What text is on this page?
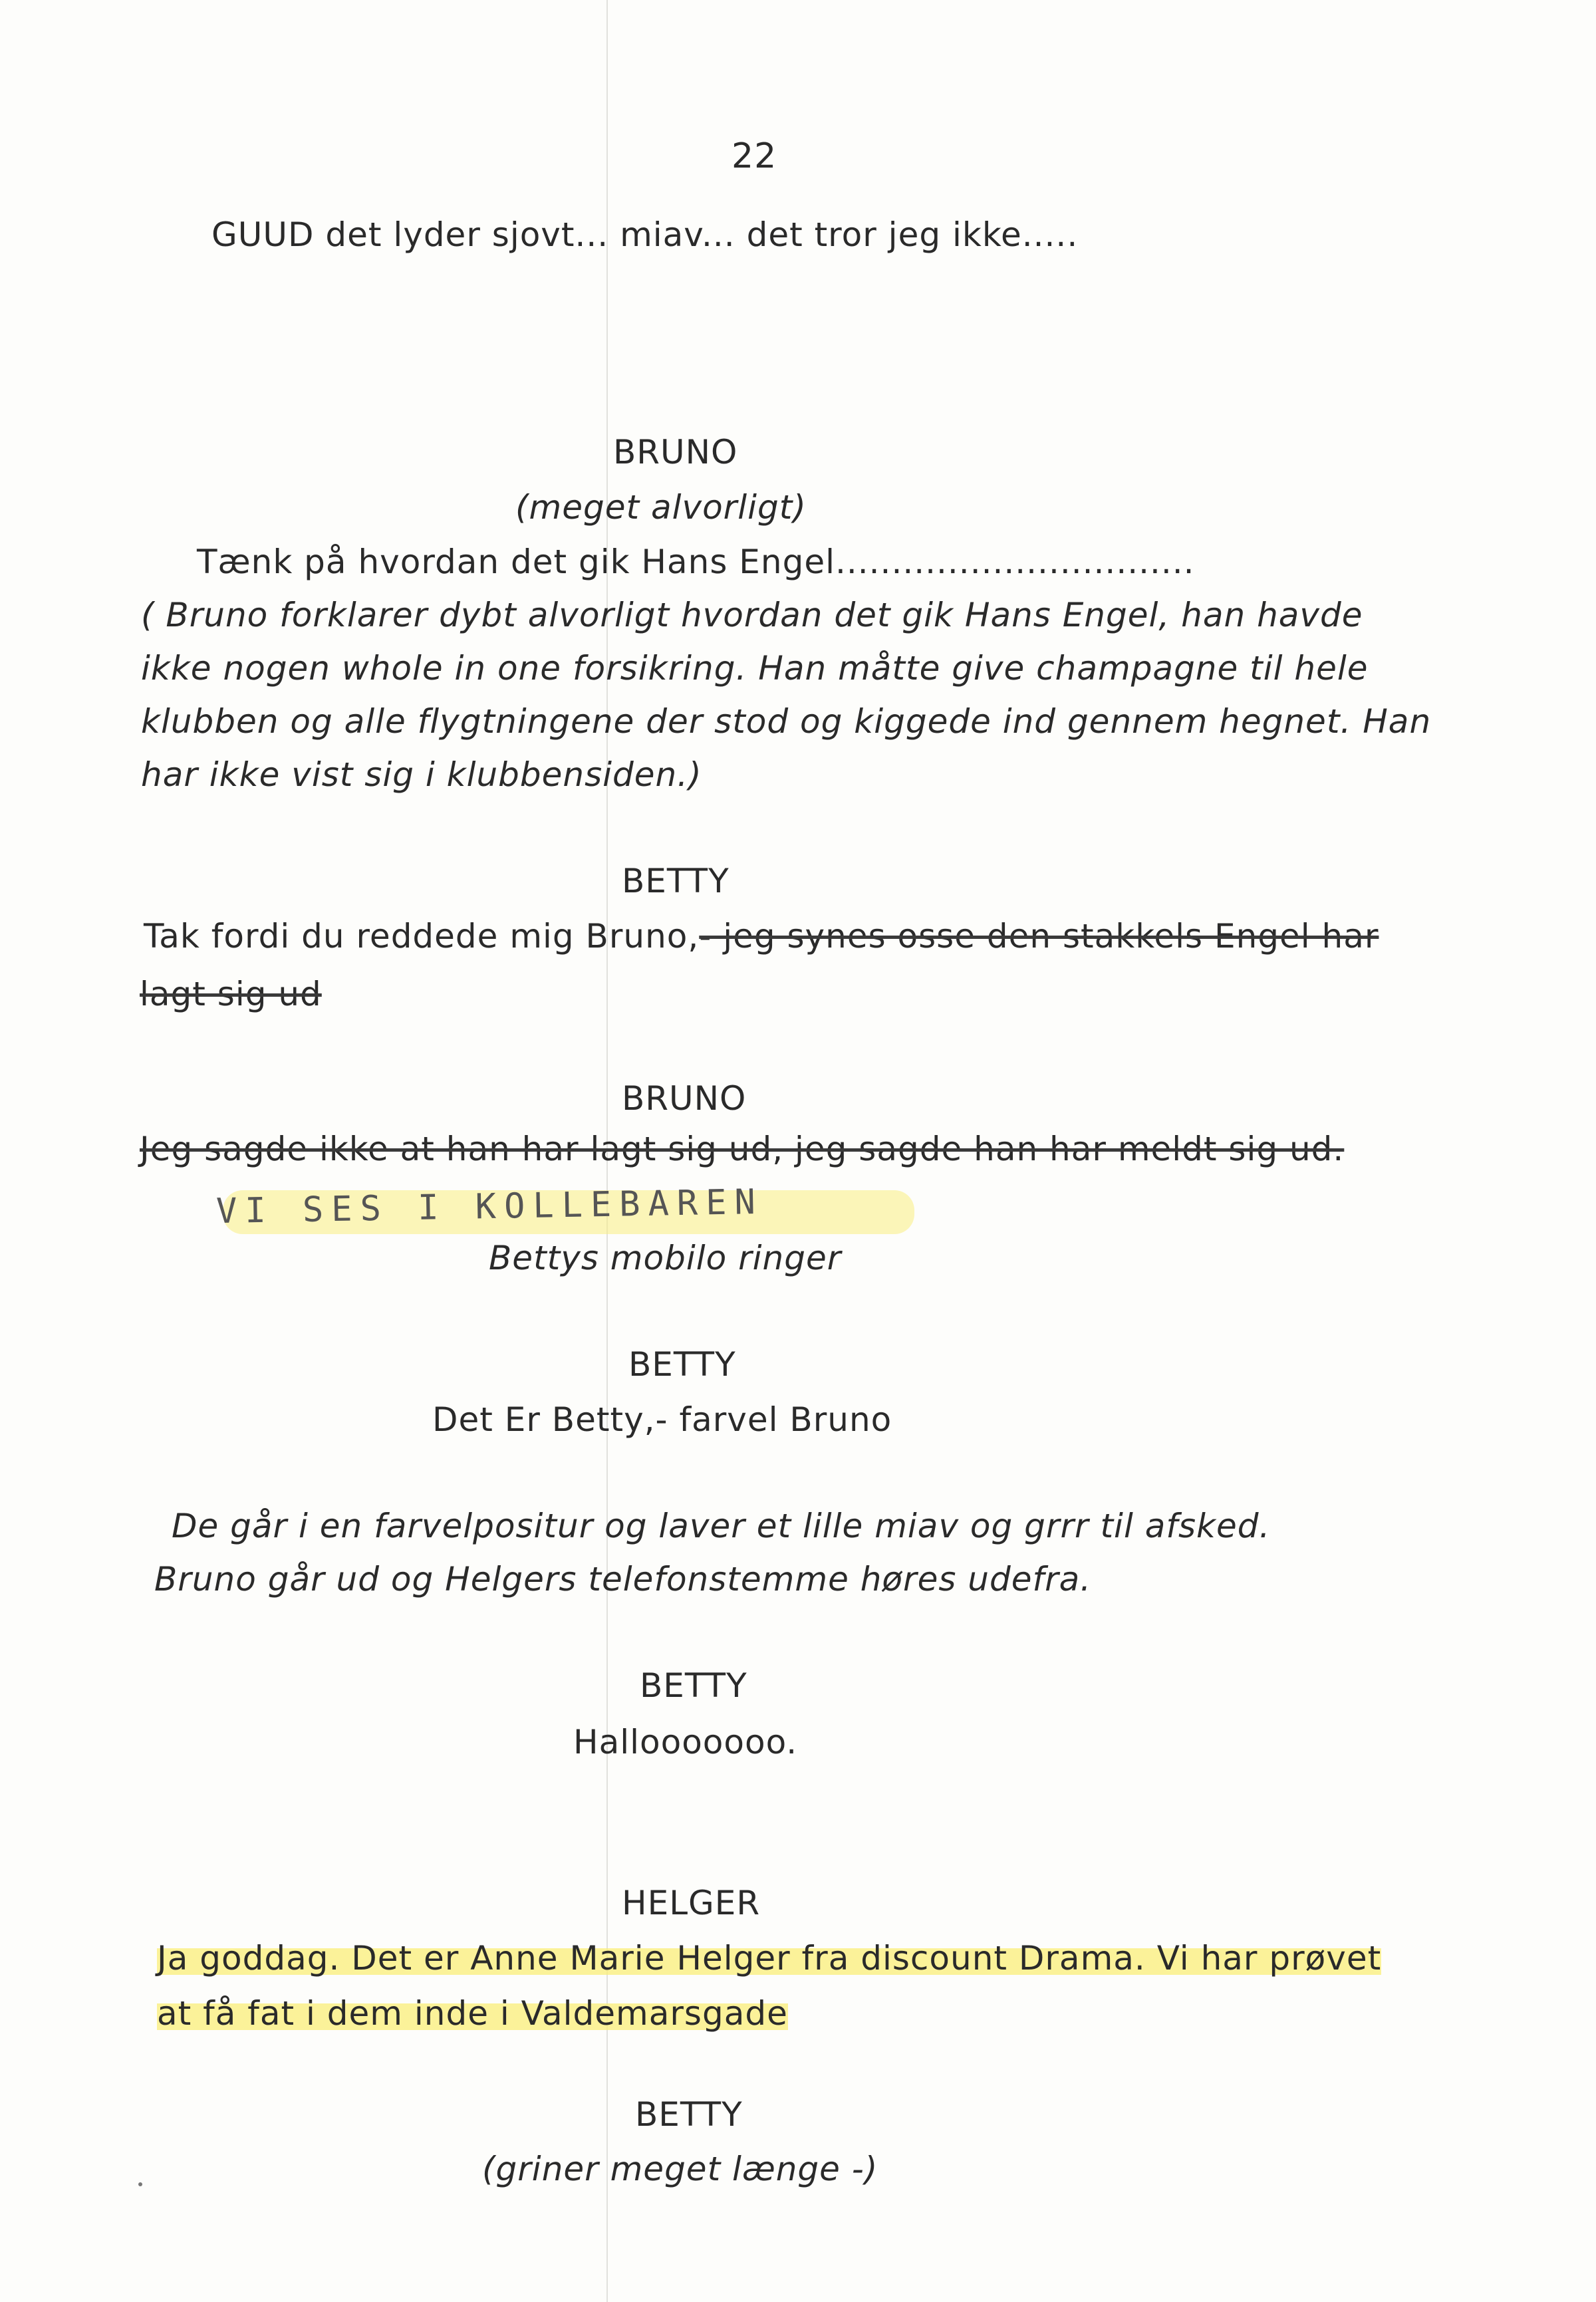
22
GUUD det lyder sjovt... miav... det tror jeg ikke.....
BRUNO
(meget alvorligt)
Tænk på hvordan det gik Hans Engel................................
( Bruno forklarer dybt alvorligt hvordan det gik Hans Engel, han havde
ikke nogen whole in one forsikring. Han måtte give champagne til hele
klubben og alle flygtningene der stod og kiggede ind gennem hegnet. Han
har ikke vist sig i klubbensiden.)
BETTY
Tak fordi du reddede mig Bruno,- jeg synes osse den stakkels Engel har
lagt sig ud
BRUNO
Jeg sagde ikke at han har lagt sig ud, jeg sagde han har meldt sig ud.
VI SES I KOLLEBAREN
Bettys mobilo ringer
BETTY
Det Er Betty,- farvel Bruno
De går i en farvelpositur og laver et lille miav og grrr til afsked.
Bruno går ud og Helgers telefonstemme høres udefra.
BETTY
Hallooooooo.
HELGER
Ja goddag. Det er Anne Marie Helger fra discount Drama. Vi har prøvet
at få fat i dem inde i Valdemarsgade
BETTY
(griner meget længe -)
